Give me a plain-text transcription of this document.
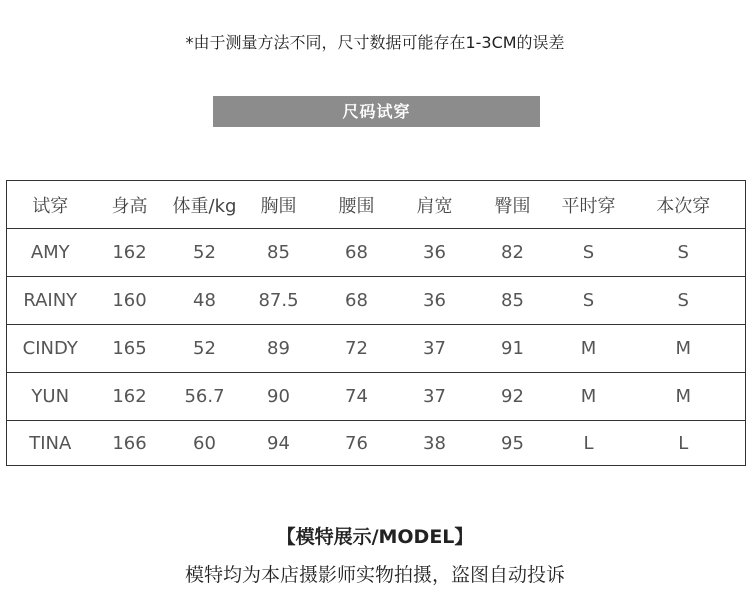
*由于测量方法不同，尺寸数据可能存在1-3CM的误差
尺码试穿
试穿	身高	体重/kg	胸围	腰围	肩宽	臀围	平时穿	本次穿
AMY	162	52	85	68	36	82	S	S
RAINY	160	48	87.5	68	36	85	S	S
CINDY	165	52	89	72	37	91	M	M
YUN	162	56.7	90	74	37	92	M	M
TINA	166	60	94	76	38	95	L	L
【模特展示/MODEL】
模特均为本店摄影师实物拍摄，盗图自动投诉
